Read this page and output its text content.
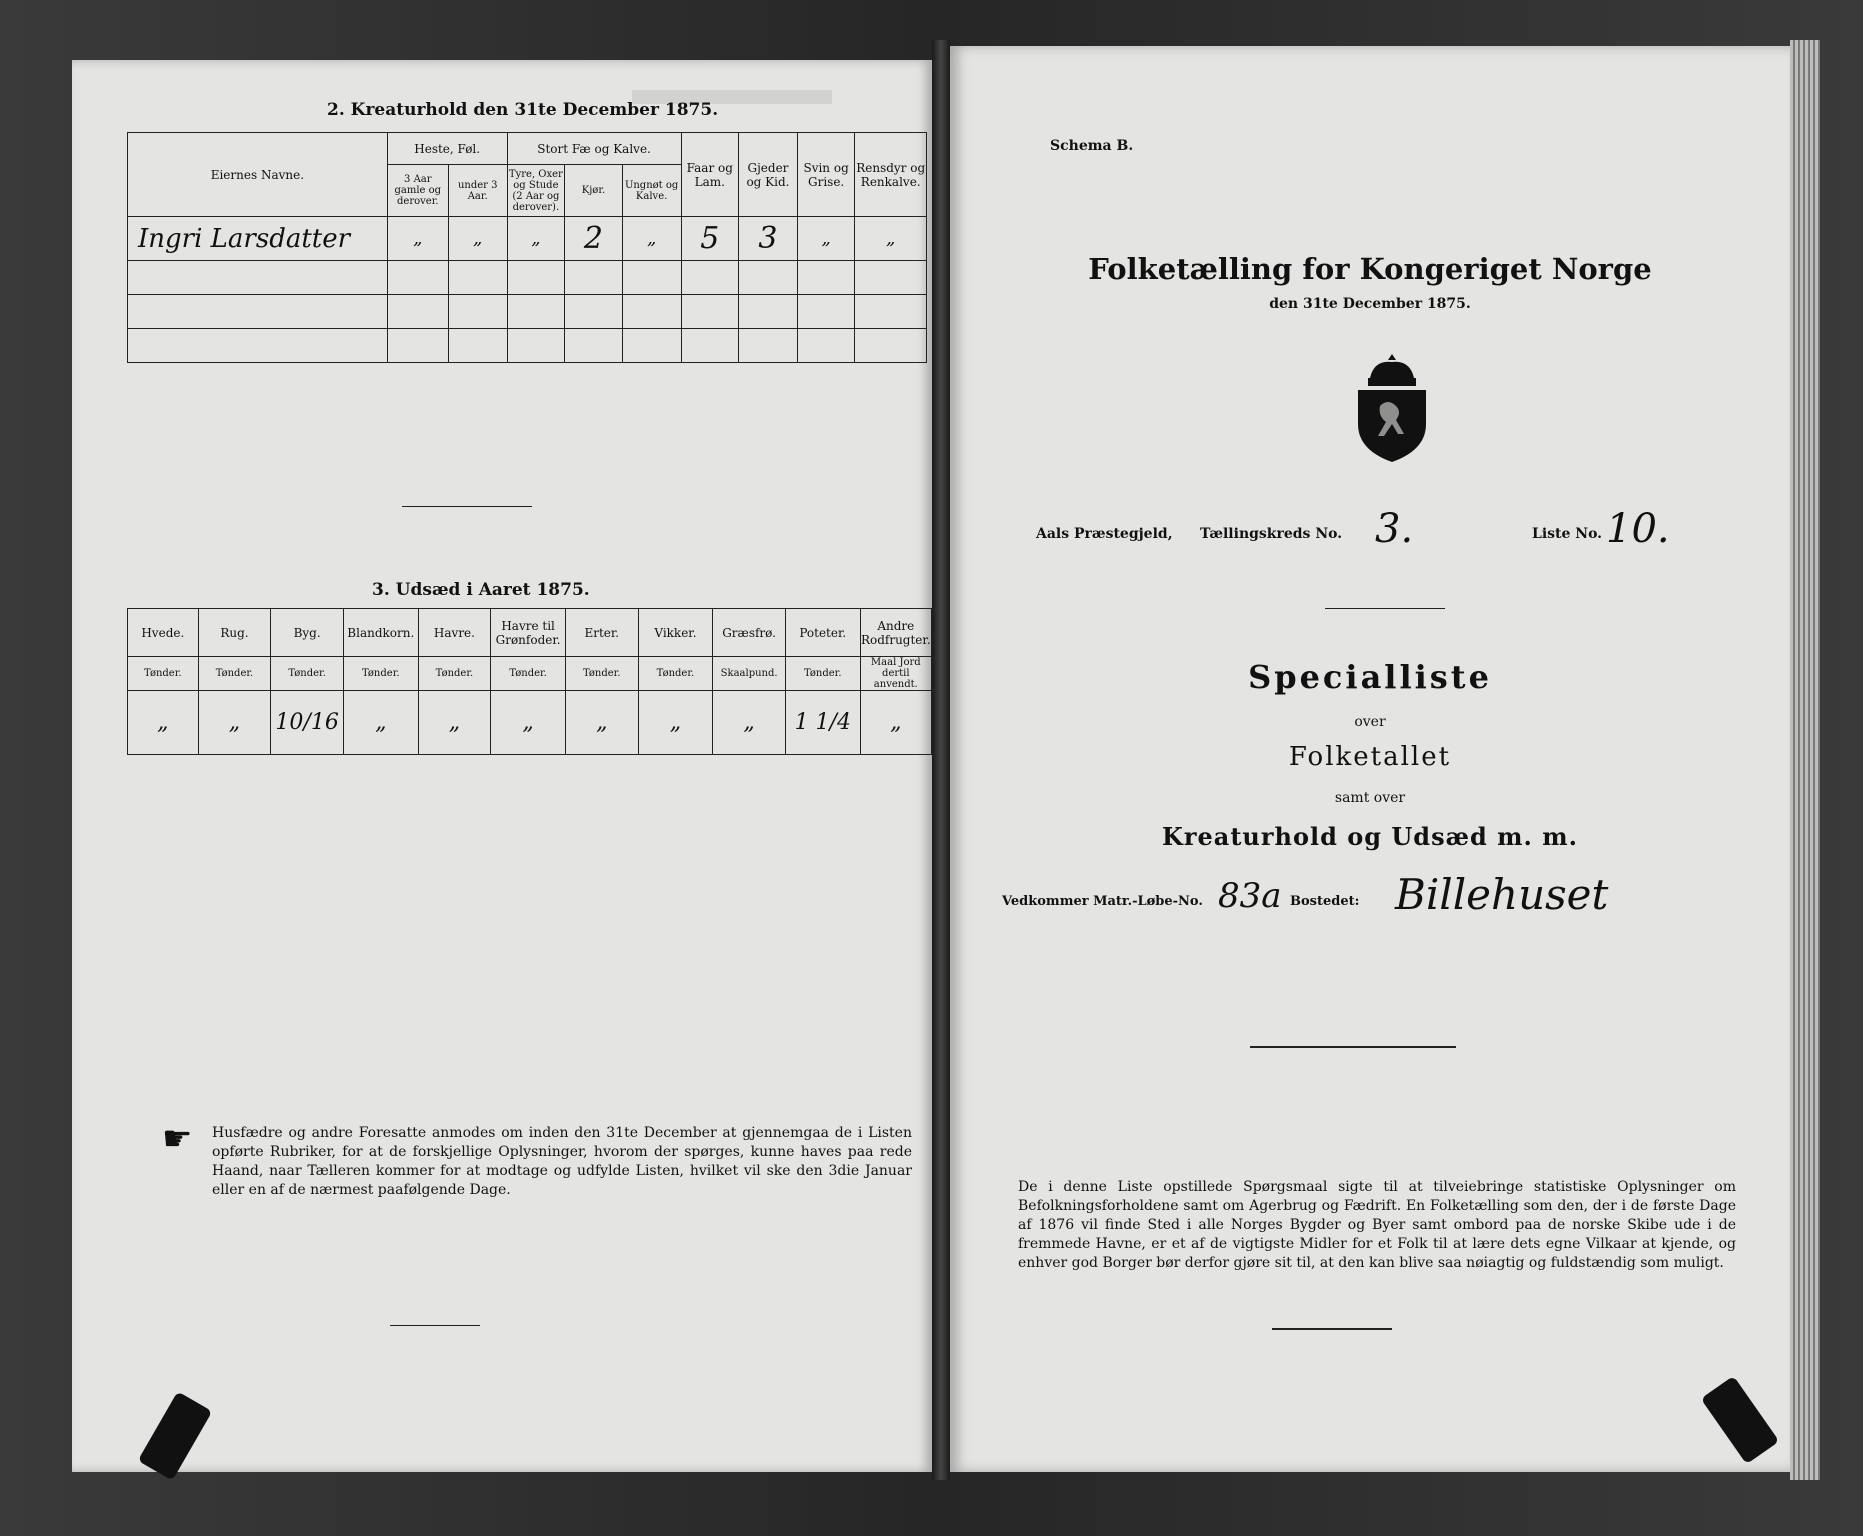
2. Kreaturhold den 31te December 1875.
Eiernes Navne.	Heste, Føl.		Stort Fæ og Kalve.			Faar og Lam.	Gjeder og Kid.	Svin og Grise.	Rensdyr og Renkalve.
	3 Aar gamle og derover.	under 3 Aar.	Tyre, Oxer og Stude (2 Aar og derover).	Kjør.	Ungnøt og Kalve.				
Ingri Larsdatter	„	„	„	2	„	5	3	„	„

3. Udsæd i Aaret 1875.
Hvede.	Rug.	Byg.	Blandkorn.	Havre.	Havre til Grønfoder.	Erter.	Vikker.	Græsfrø.	Poteter.	Andre Rodfrugter.
Tønder.	Tønder.	Tønder.	Tønder.	Tønder.	Tønder.	Tønder.	Tønder.	Skaalpund.	Tønder.	Maal Jord dertil anvendt.
„	„	10/16	„	„	„	„	„	„	1 1/4	„
☛ Husfædre og andre Foresatte anmodes om inden den 31te December at gjennemgaa de i Listen opførte Rubriker, for at de forskjellige Oplysninger, hvorom der spørges, kunne haves paa rede Haand, naar Tælleren kommer for at modtage og udfylde Listen, hvilket vil ske den 3die Januar eller en af de nærmest paafølgende Dage.
Schema B.
Folketælling for Kongeriget Norge
den 31te December 1875.
Aals Præstegjeld, Tællingskreds No. 3.	Liste No. 10.
Specialliste
over
Folketallet
samt over
Kreaturhold og Udsæd m. m.
Vedkommer Matr.-Løbe-No. 83a Bostedet: Billehuset
De i denne Liste opstillede Spørgsmaal sigte til at tilveiebringe statistiske Oplysninger om Befolkningsforholdene samt om Agerbrug og Fædrift. En Folketælling som den, der i de første Dage af 1876 vil finde Sted i alle Norges Bygder og Byer samt ombord paa de norske Skibe ude i de fremmede Havne, er et af de vigtigste Midler for et Folk til at lære dets egne Vilkaar at kjende, og enhver god Borger bør derfor gjøre sit til, at den kan blive saa nøiagtig og fuldstændig som muligt.
